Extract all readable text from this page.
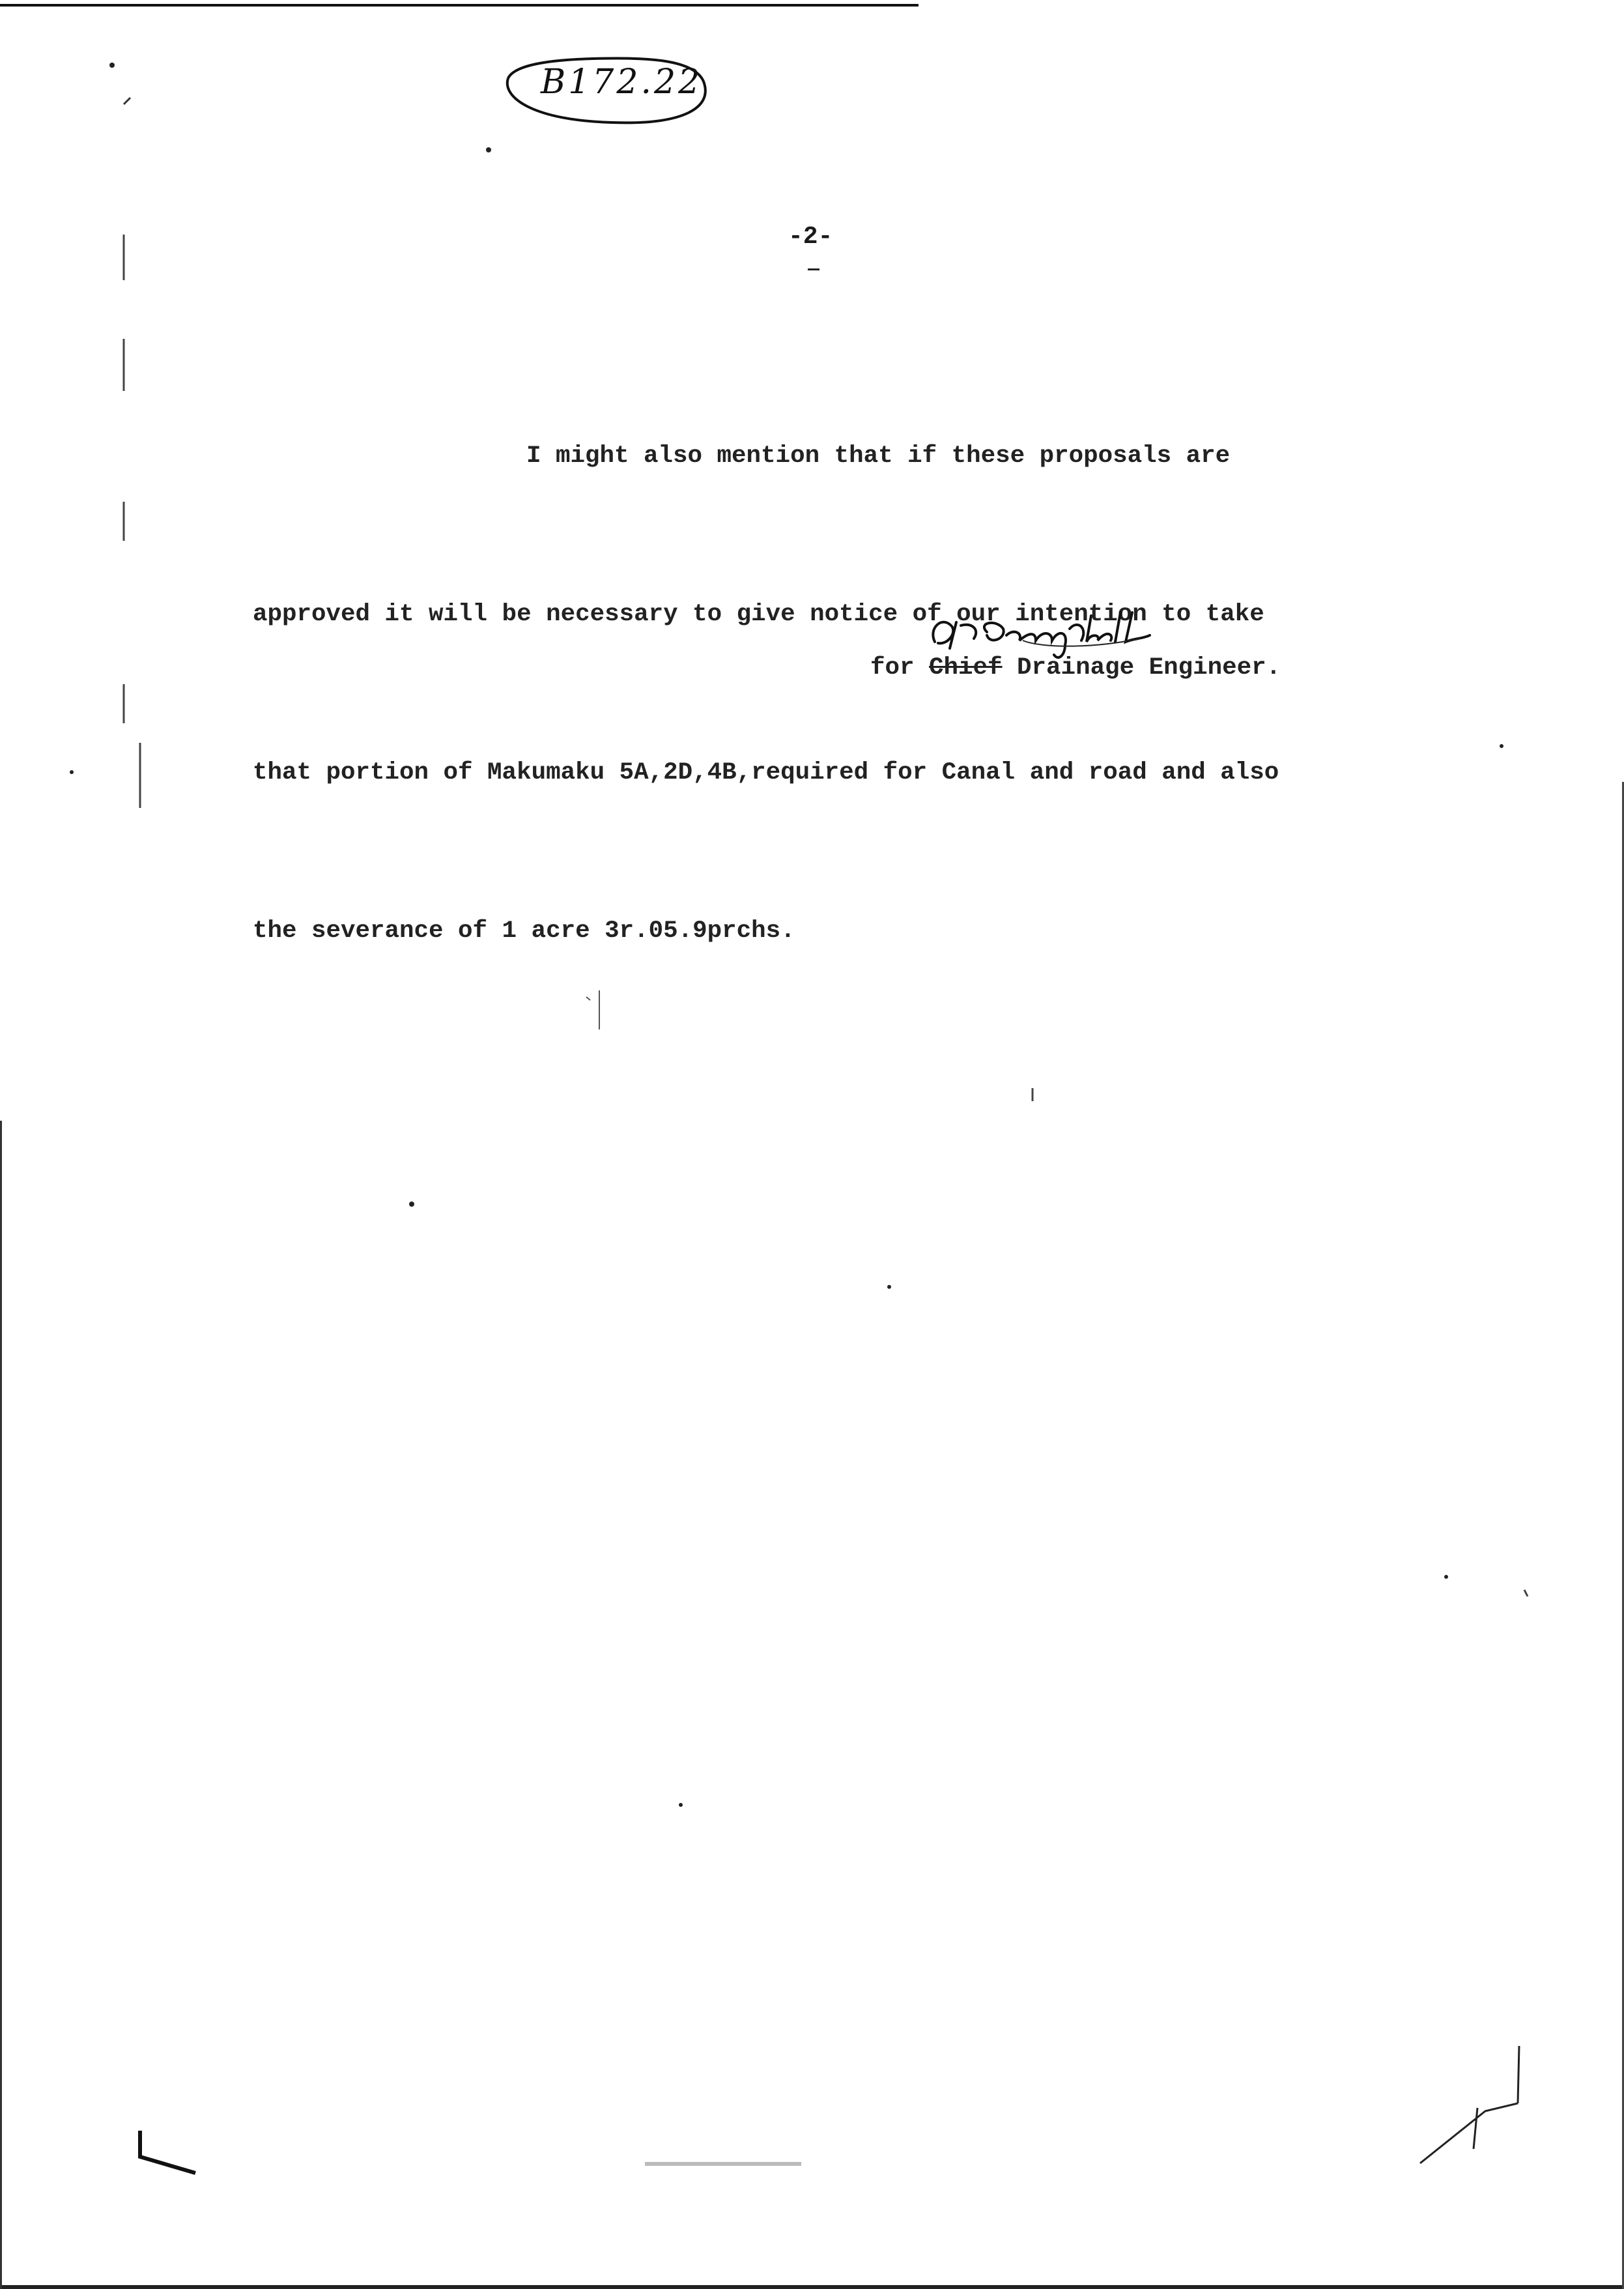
B172.22
-2-

I might also mention that if these proposals are

approved it will be necessary to give notice of our intention to take

that portion of Makumaku 5A,2D,4B,required for Canal and road and also

the severance of 1 acre 3r.05.9prchs.

for Chief Drainage Engineer.
